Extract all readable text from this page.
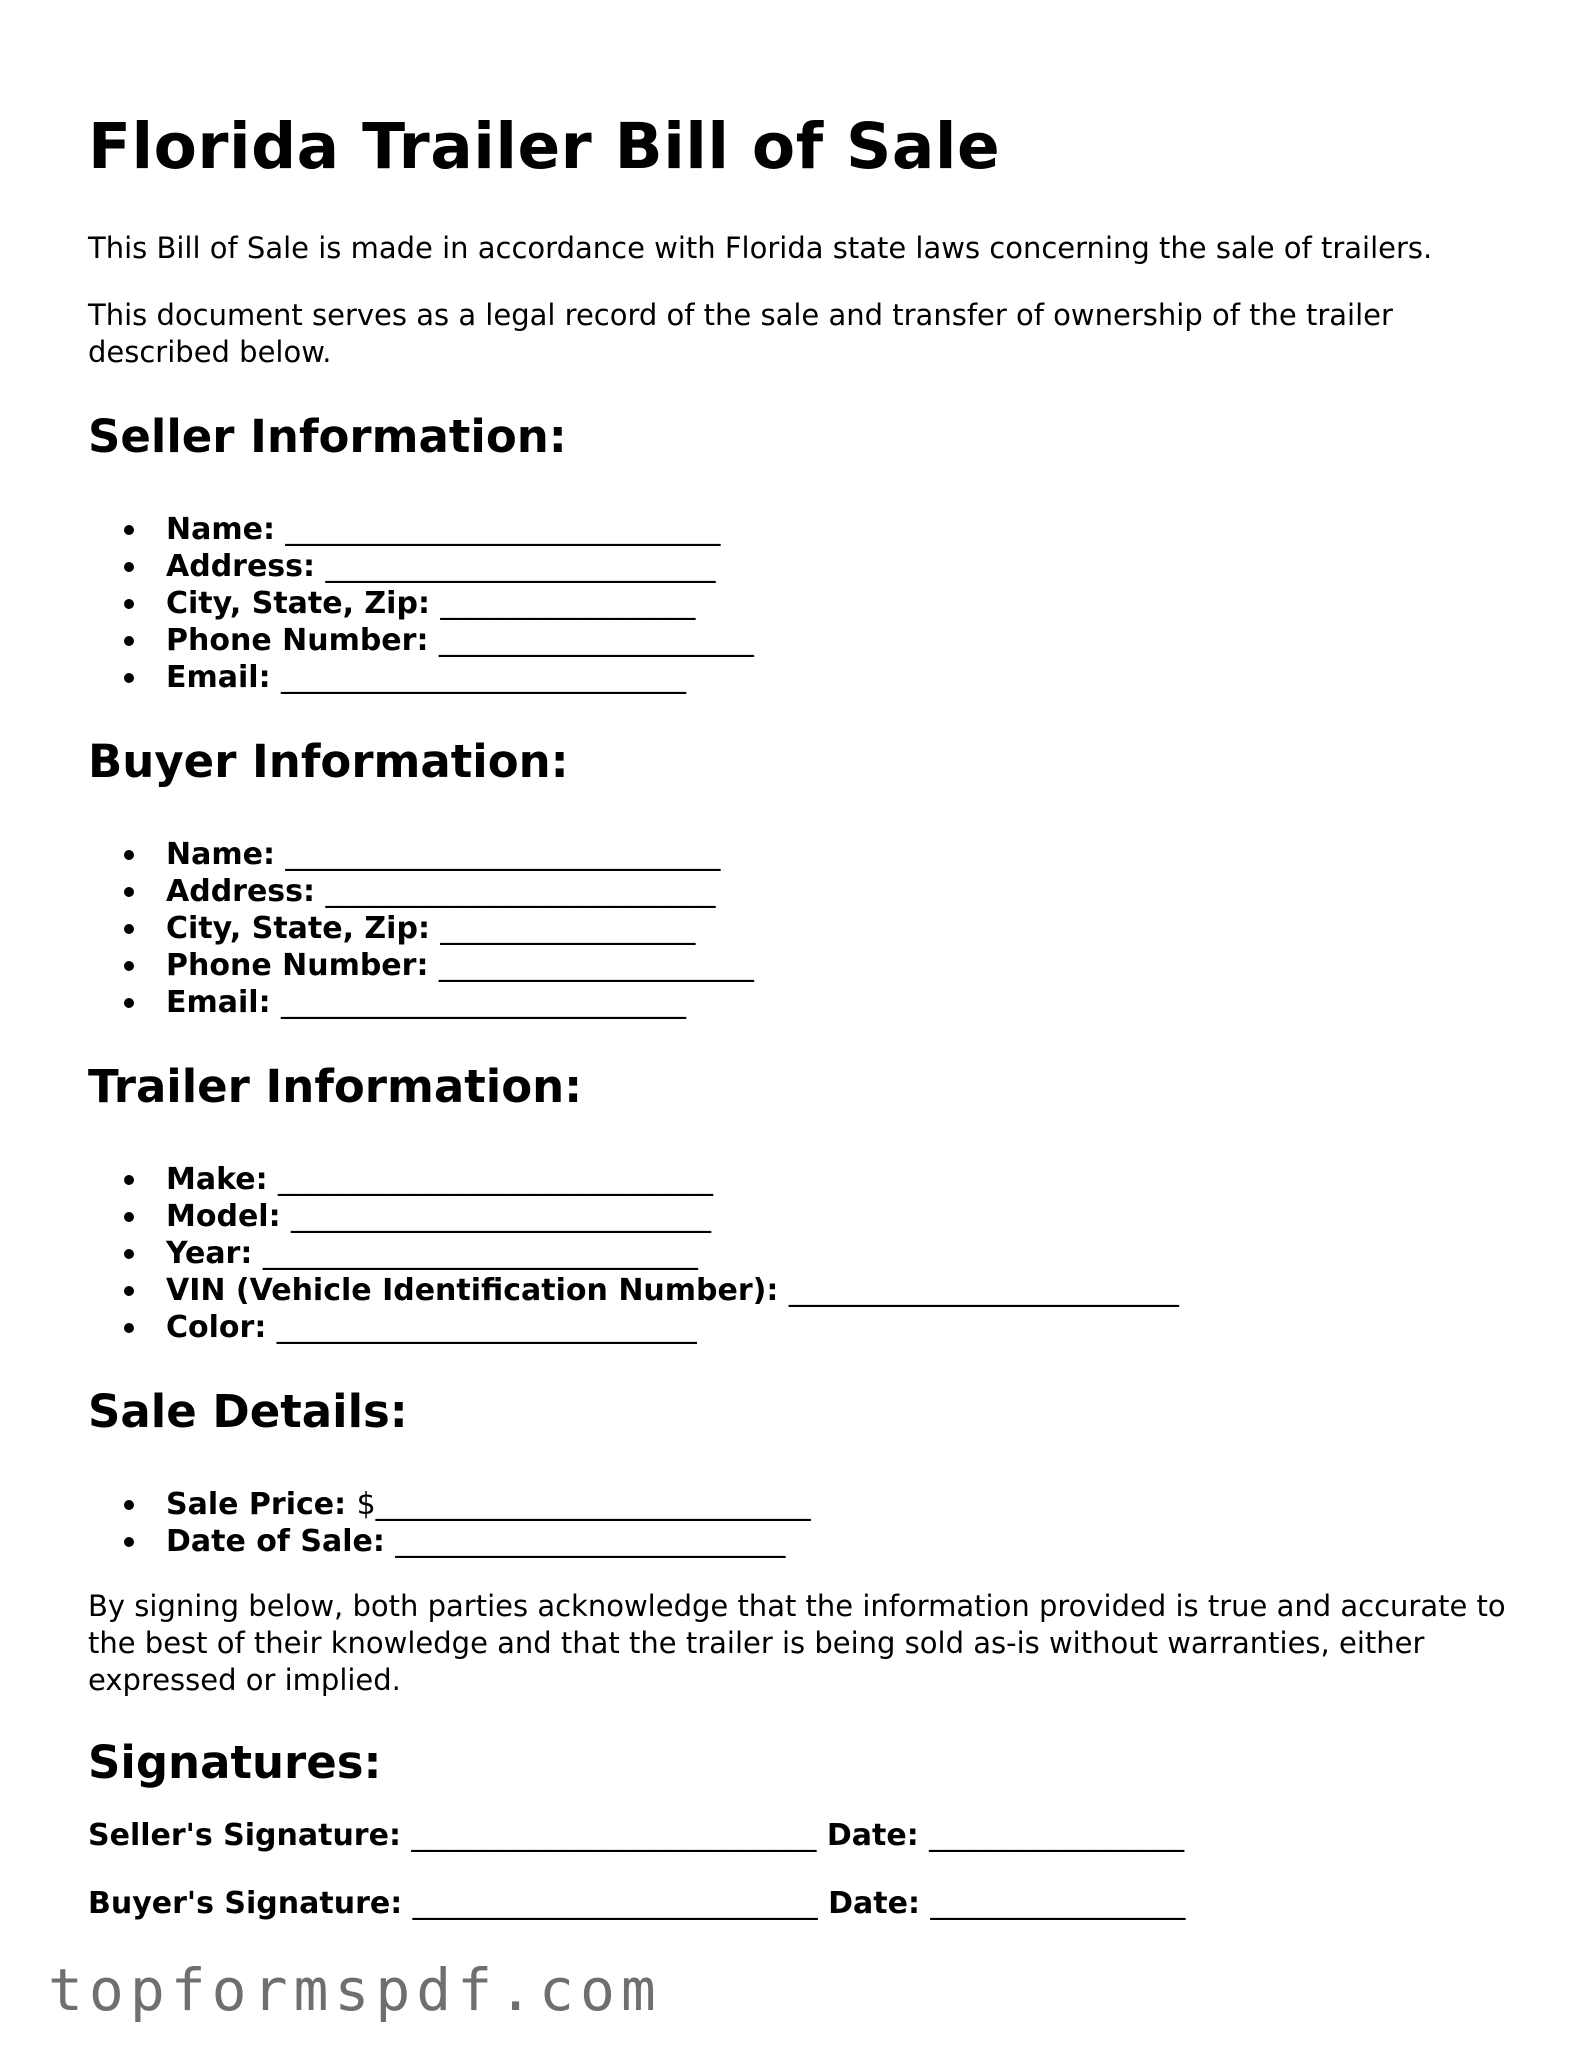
Florida Trailer Bill of Sale

This Bill of Sale is made in accordance with Florida state laws concerning the sale of trailers.

This document serves as a legal record of the sale and transfer of ownership of the trailer described below.

Seller Information:
Name: _____________________________
Address: __________________________
City, State, Zip: _________________
Phone Number: _____________________
Email: ___________________________
Buyer Information:
Name: _____________________________
Address: __________________________
City, State, Zip: _________________
Phone Number: _____________________
Email: ___________________________
Trailer Information:
Make: _____________________________
Model: ____________________________
Year: _____________________________
VIN (Vehicle Identification Number): __________________________
Color: ____________________________
Sale Details:
Sale Price: $_____________________________
Date of Sale: __________________________

By signing below, both parties acknowledge that the information provided is true and accurate to the best of their knowledge and that the trailer is being sold as-is without warranties, either expressed or implied.

Signatures:
Seller's Signature: ___________________________ Date: _________________
Buyer's Signature: ___________________________ Date: _________________
topformspdf.com
